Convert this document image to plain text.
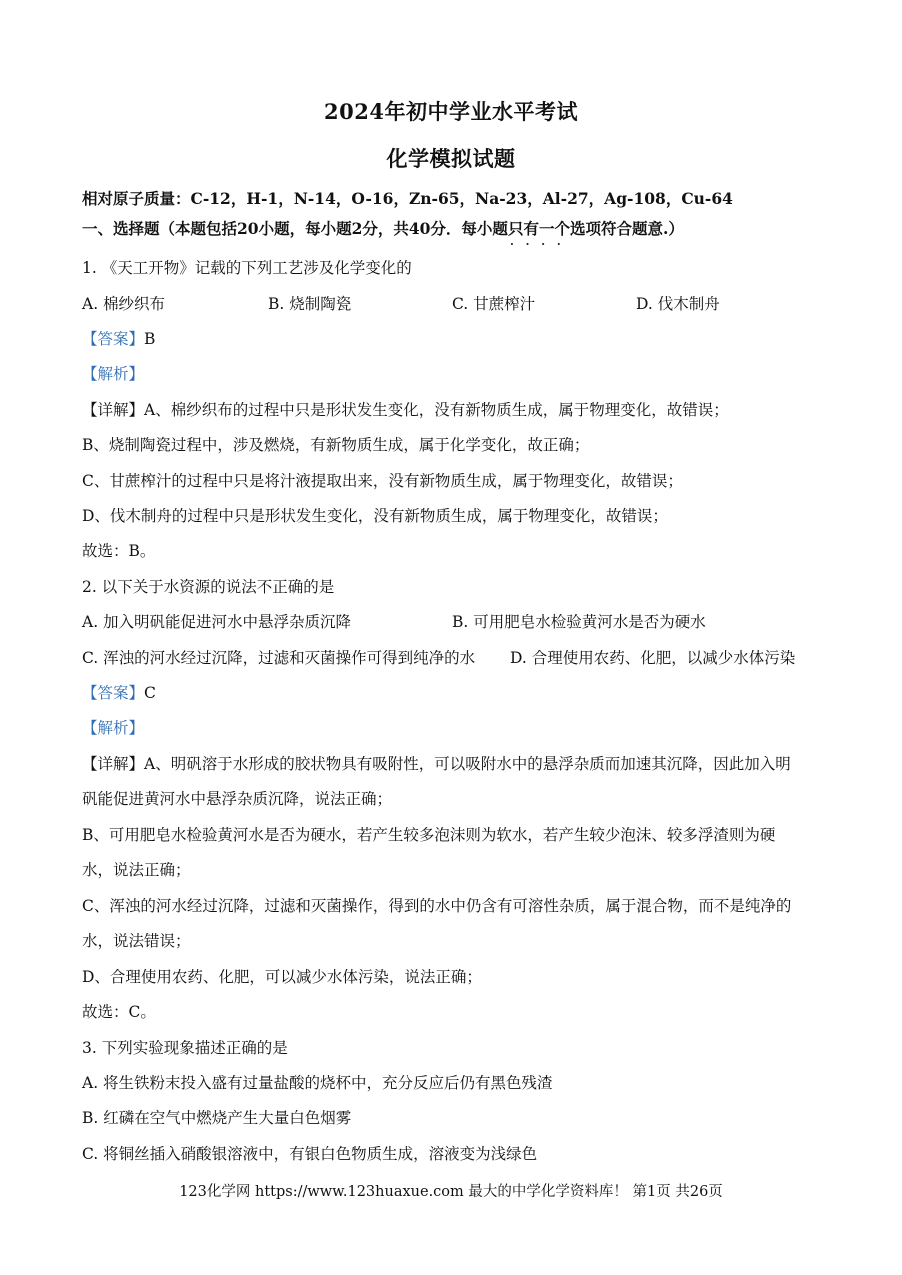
2024年初中学业水平考试
化学模拟试题
相对原子质量：C-12，H-1，N-14，O-16，Zn-65，Na-23，Al-27，Ag-108，Cu-64
一、选择题（本题包括20小题，每小题2分，共40分．每小题只有一个 · · · ·选项符合题意.）
1. 《天工开物》记载的下列工艺涉及化学变化的
A. 棉纱织布	B. 烧制陶瓷	C. 甘蔗榨汁	D. 伐木制舟
【答案】B
【解析】
【详解】A、棉纱织布的过程中只是形状发生变化，没有新物质生成，属于物理变化，故错误；
B、烧制陶瓷过程中，涉及燃烧，有新物质生成，属于化学变化，故正确；
C、甘蔗榨汁的过程中只是将汁液提取出来，没有新物质生成，属于物理变化，故错误；
D、伐木制舟的过程中只是形状发生变化，没有新物质生成，属于物理变化，故错误；
故选：B。
2. 以下关于水资源的说法不正确的是
A. 加入明矾能促进河水中悬浮杂质沉降	B. 可用肥皂水检验黄河水是否为硬水
C. 浑浊的河水经过沉降，过滤和灭菌操作可得到纯净的水 D. 合理使用农药、化肥，以减少水体污染
【答案】C
【解析】
【详解】A、明矾溶于水形成的胶状物具有吸附性，可以吸附水中的悬浮杂质而加速其沉降，因此加入明
矾能促进黄河水中悬浮杂质沉降，说法正确；
B、可用肥皂水检验黄河水是否为硬水，若产生较多泡沫则为软水，若产生较少泡沫、较多浮渣则为硬
水，说法正确；
C、浑浊的河水经过沉降，过滤和灭菌操作，得到的水中仍含有可溶性杂质，属于混合物，而不是纯净的
水，说法错误；
D、合理使用农药、化肥，可以减少水体污染，说法正确；
故选：C。
3. 下列实验现象描述正确的是
A. 将生铁粉末投入盛有过量盐酸的烧杯中，充分反应后仍有黑色残渣
B. 红磷在空气中燃烧产生大量白色烟雾
C. 将铜丝插入硝酸银溶液中，有银白色物质生成，溶液变为浅绿色
123化学网 https://www.123huaxue.com 最大的中学化学资料库！ 第1页 共26页
